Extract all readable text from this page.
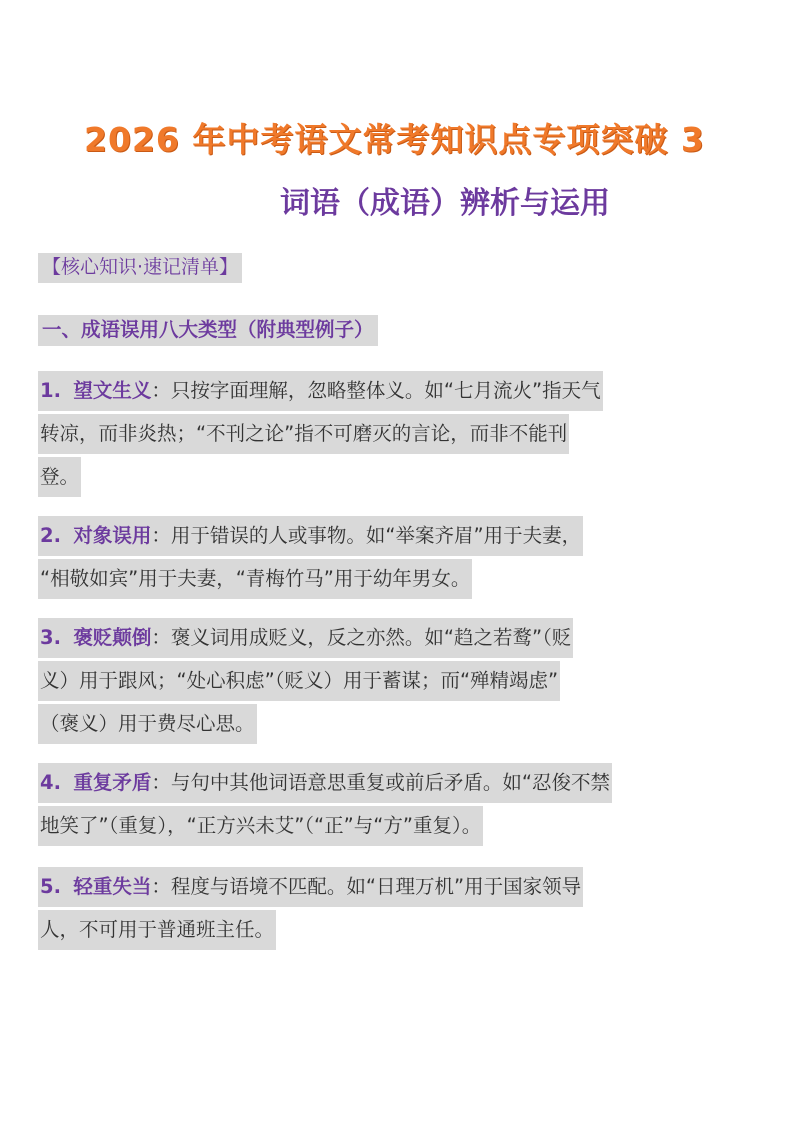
2026 年中考语文常考知识点专项突破 3
词语（成语）辨析与运用
【核心知识·速记清单】
一、成语误用八大类型（附典型例子）
1. 望文生义：只按字面理解，忽略整体义。如“七月流火”指天气
转凉，而非炎热；“不刊之论”指不可磨灭的言论，而非不能刊
登。
2. 对象误用：用于错误的人或事物。如“举案齐眉”用于夫妻，
“相敬如宾”用于夫妻，“青梅竹马”用于幼年男女。
3. 褒贬颠倒：褒义词用成贬义，反之亦然。如“趋之若鹜”（贬
义）用于跟风；“处心积虑”（贬义）用于蓄谋；而“殚精竭虑”
（褒义）用于费尽心思。
4. 重复矛盾：与句中其他词语意思重复或前后矛盾。如“忍俊不禁
地笑了”（重复），“正方兴未艾”（“正”与“方”重复）。
5. 轻重失当：程度与语境不匹配。如“日理万机”用于国家领导
人，不可用于普通班主任。
